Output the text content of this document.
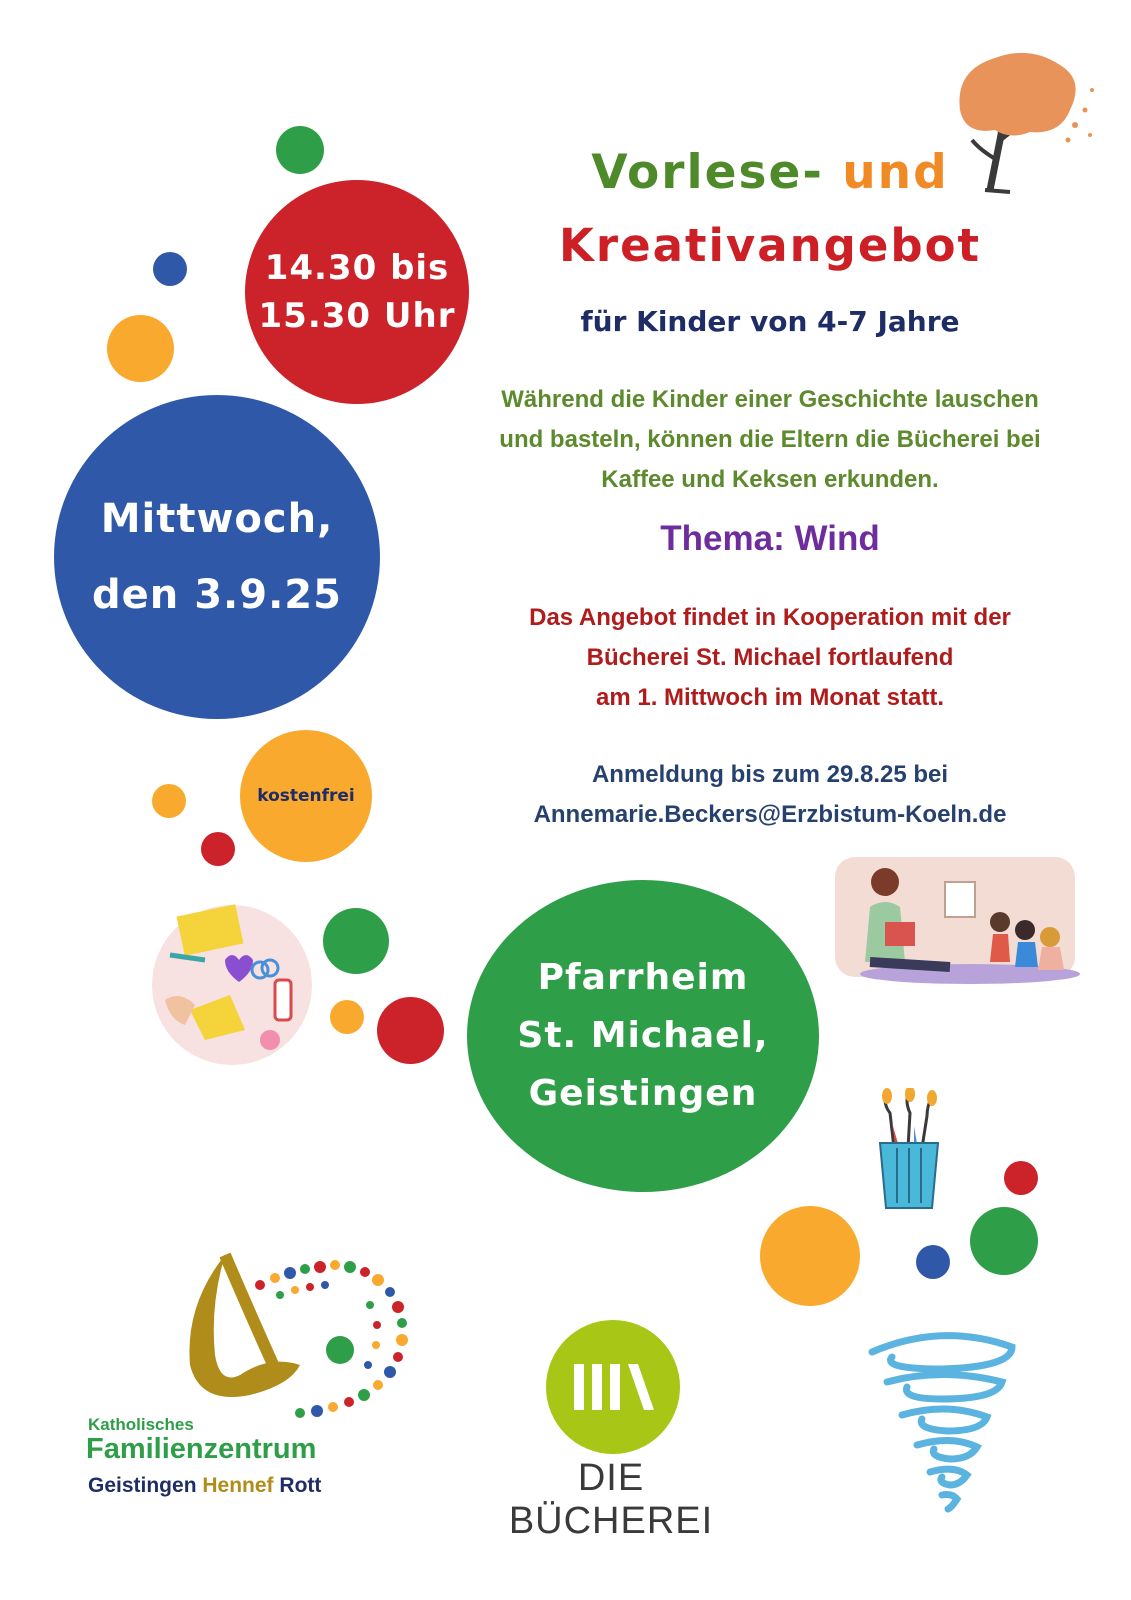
14.30 bis
15.30 Uhr
Mittwoch,
den 3.9.25
kostenfrei
Pfarrheim
St. Michael,
Geistingen
Vorlese- und
Kreativangebot
für Kinder von 4-7 Jahre
Während die Kinder einer Geschichte lauschen
und basteln, können die Eltern die Bücherei bei
Kaffee und Keksen erkunden.
Thema: Wind
Das Angebot findet in Kooperation mit der
Bücherei St. Michael fortlaufend
am 1. Mittwoch im Monat statt.
Anmeldung bis zum 29.8.25 bei
Annemarie.Beckers@Erzbistum-Koeln.de
Katholisches
Familienzentrum
Geistingen Hennef Rott	DIE BÜCHEREI
